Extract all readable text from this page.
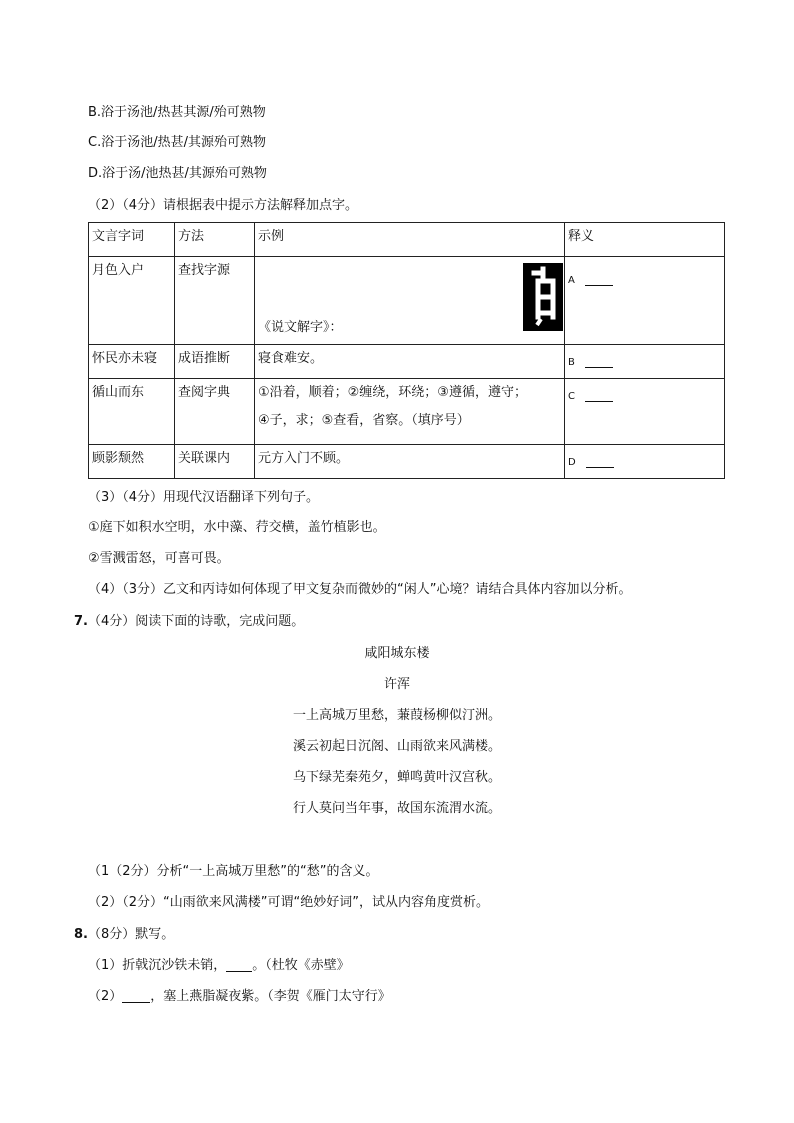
B.浴于汤池/热甚其源/殆可熟物
C.浴于汤池/热甚/其源殆可熟物
D.浴于汤/池热甚/其源殆可熟物
（2）（4分）请根据表中提示方法解释加点字。
文言字词	方法	示例	释义
月色入户	查找字源	《说文解字》：	A
怀民亦未寝	成语推断	寝食难安。	B
循山而东	查阅字典	①沿着，顺着；②缠绕，环绕；③遵循，遵守；
④子，求；⑤查看，省察。（填序号）	C
顾影颓然	关联课内	元方入门不顾。	D
（3）（4分）用现代汉语翻译下列句子。
①庭下如积水空明，水中藻、荇交横，盖竹植影也。
②雪溅雷怒，可喜可畏。
（4）（3分）乙文和丙诗如何体现了甲文复杂而微妙的“闲人”心境？请结合具体内容加以分析。
7.（4分）阅读下面的诗歌，完成问题。
咸阳城东楼
许浑
一上高城万里愁，蒹葭杨柳似汀洲。
溪云初起日沉阁、山雨欲来风满楼。
乌下绿芜秦苑夕，蝉鸣黄叶汉宫秋。
行人莫问当年事，故国东流渭水流。
（1（2分）分析“一上高城万里愁”的“愁”的含义。
（2）（2分）“山雨欲来风满楼”可谓“绝妙好词”，试从内容角度赏析。
8.（8分）默写。
（1）折戟沉沙铁未销， 。（杜牧《赤壁》
（2） ，塞上燕脂凝夜紫。（李贺《雁门太守行》
